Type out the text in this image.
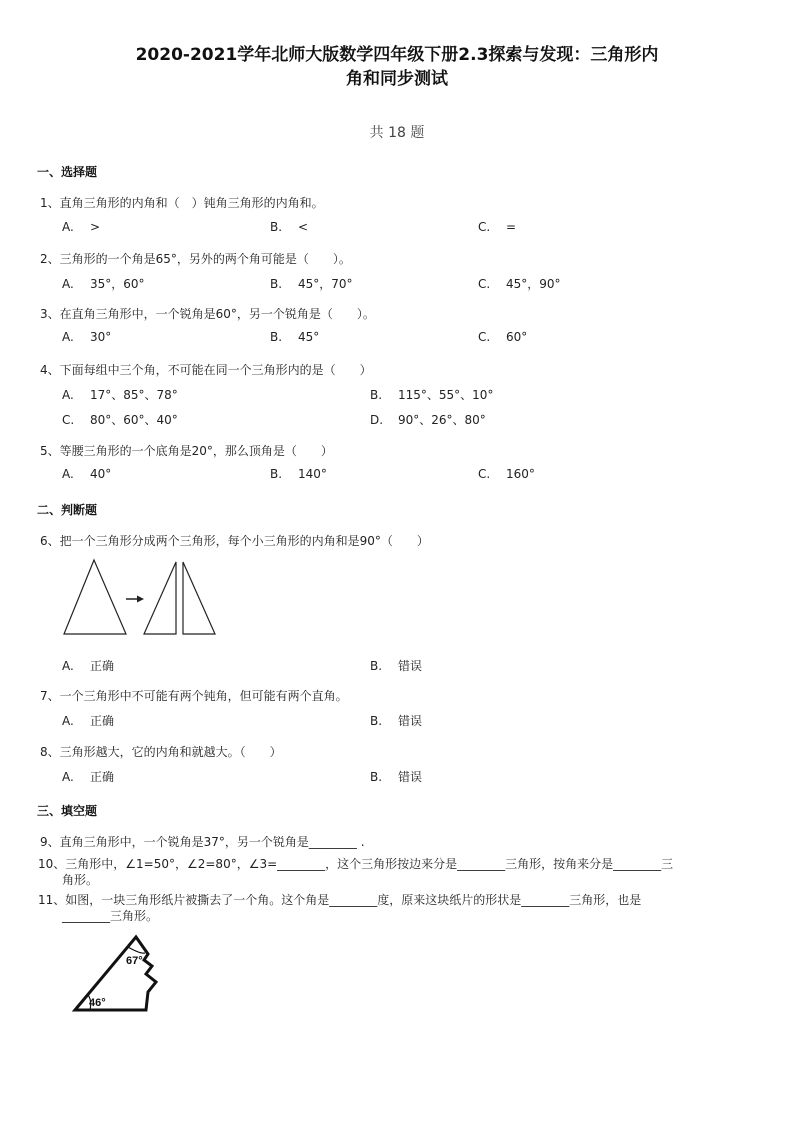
2020-2021学年北师大版数学四年级下册2.3探索与发现：三角形内
角和同步测试
共 18 题
一、选择题
1、直角三角形的内角和（　）钝角三角形的内角和。
A. >	B. <	C. =
2、三角形的一个角是65°，另外的两个角可能是（　　）。
A. 35°，60°	B. 45°，70°	C. 45°，90°
3、在直角三角形中，一个锐角是60°，另一个锐角是（　　）。
A. 30°	B. 45°	C. 60°
4、下面每组中三个角，不可能在同一个三角形内的是（　　）
A. 17°、85°、78°	B. 115°、55°、10°
C. 80°、60°、40°	D. 90°、26°、80°
5、等腰三角形的一个底角是20°，那么顶角是（　　）
A. 40°	B. 140°	C. 160°
二、判断题
6、把一个三角形分成两个三角形，每个小三角形的内角和是90°（　　）
A. 正确	B. 错误
7、一个三角形中不可能有两个钝角，但可能有两个直角。
A. 正确	B. 错误
8、三角形越大，它的内角和就越大。（　　）
A. 正确	B. 错误
三、填空题
9、直角三角形中，一个锐角是37°，另一个锐角是________ .
10、三角形中，∠1=50°，∠2=80°，∠3=________，这个三角形按边来分是________三角形，按角来分是________三
角形。
11、如图，一块三角形纸片被撕去了一个角。这个角是________度，原来这块纸片的形状是________三角形，也是
________三角形。
67°
46°
